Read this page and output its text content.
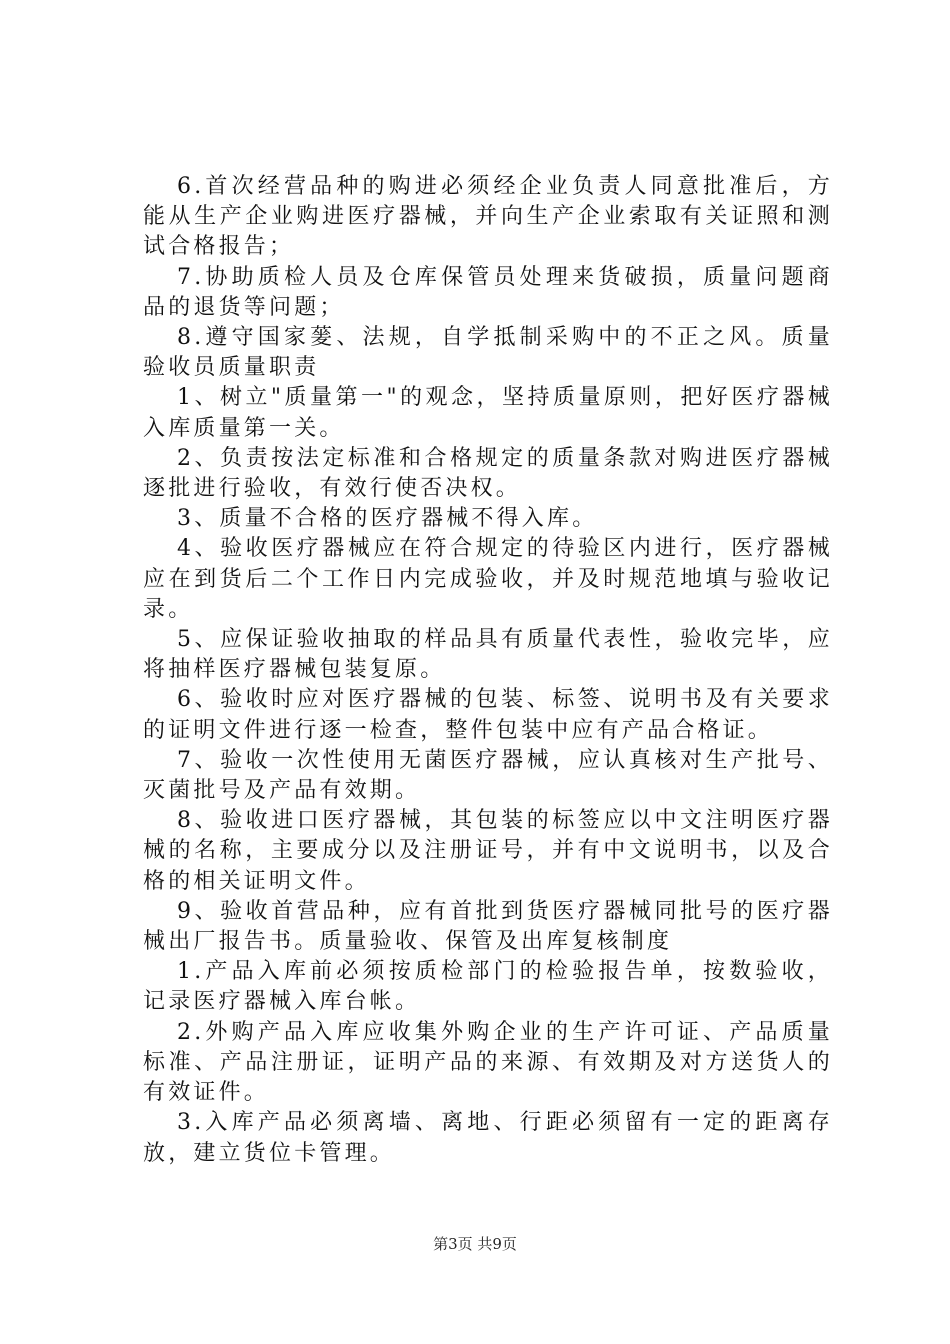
6.首次经营品种的购进必须经企业负责人同意批准后，方能从生产企业购进医疗器械，并向生产企业索取有关证照和测试合格报告；

7.协助质检人员及仓库保管员处理来货破损，质量问题商品的退货等问题；

8.遵守国家蓌、法规，自学抵制采购中的不正之风。质量验收员质量职责

1、树立"质量第一"的观念，坚持质量原则，把好医疗器械入库质量第一关。

2、负责按法定标准和合格规定的质量条款对购进医疗器械逐批进行验收，有效行使否决权。

3、质量不合格的医疗器械不得入库。

4、验收医疗器械应在符合规定的待验区内进行，医疗器械应在到货后二个工作日内完成验收，并及时规范地填与验收记录。

5、应保证验收抽取的样品具有质量代表性，验收完毕，应将抽样医疗器械包装复原。

6、验收时应对医疗器械的包装、标签、说明书及有关要求的证明文件进行逐一检查，整件包装中应有产品合格证。

7、验收一次性使用无菌医疗器械，应认真核对生产批号、灭菌批号及产品有效期。

8、验收进口医疗器械，其包装的标签应以中文注明医疗器械的名称，主要成分以及注册证号，并有中文说明书，以及合格的相关证明文件。

9、验收首营品种，应有首批到货医疗器械同批号的医疗器械出厂报告书。质量验收、保管及出库复核制度

1.产品入库前必须按质检部门的检验报告单，按数验收，记录医疗器械入库台帐。

2.外购产品入库应收集外购企业的生产许可证、产品质量标准、产品注册证，证明产品的来源、有效期及对方送货人的有效证件。

3.入库产品必须离墙、离地、行距必须留有一定的距离存放，建立货位卡管理。

第3页 共9页
